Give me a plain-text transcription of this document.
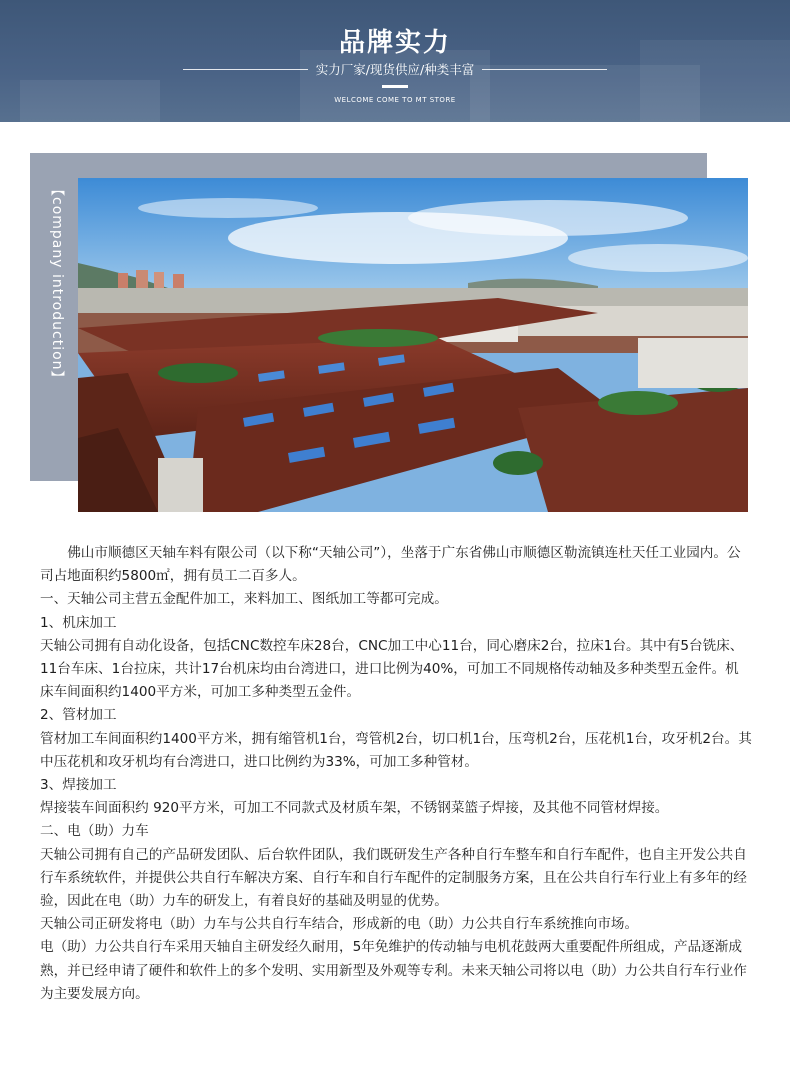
品牌实力
实力厂家/现货供应/种类丰富
WELCOME COME TO MT STORE
【company introduction】

佛山市顺德区天轴车料有限公司（以下称“天轴公司”），坐落于广东省佛山市顺德区勒流镇连杜天任工业园内。公司占地面积约5800㎡，拥有员工二百多人。

一、天轴公司主营五金配件加工，来料加工、图纸加工等都可完成。

1、机床加工

天轴公司拥有自动化设备，包括CNC数控车床28台，CNC加工中心11台，同心磨床2台，拉床1台。其中有5台铣床、11台车床、1台拉床，共计17台机床均由台湾进口，进口比例为40%，可加工不同规格传动轴及多种类型五金件。机床车间面积约1400平方米，可加工多种类型五金件。

2、管材加工

管材加工车间面积约1400平方米，拥有缩管机1台，弯管机2台，切口机1台，压弯机2台，压花机1台，攻牙机2台。其中压花机和攻牙机均有台湾进口，进口比例约为33%，可加工多种管材。

3、焊接加工

焊接装车间面积约 920平方米，可加工不同款式及材质车架，不锈钢菜篮子焊接，及其他不同管材焊接。

二、电（助）力车

天轴公司拥有自己的产品研发团队、后台软件团队，我们既研发生产各种自行车整车和自行车配件，也自主开发公共自行车系统软件，并提供公共自行车解决方案、自行车和自行车配件的定制服务方案，且在公共自行车行业上有多年的经验，因此在电（助）力车的研发上，有着良好的基础及明显的优势。

天轴公司正研发将电（助）力车与公共自行车结合，形成新的电（助）力公共自行车系统推向市场。

电（助）力公共自行车采用天轴自主研发经久耐用，5年免维护的传动轴与电机花鼓两大重要配件所组成，产品逐渐成熟，并已经申请了硬件和软件上的多个发明、实用新型及外观等专利。未来天轴公司将以电（助）力公共自行车行业作为主要发展方向。
